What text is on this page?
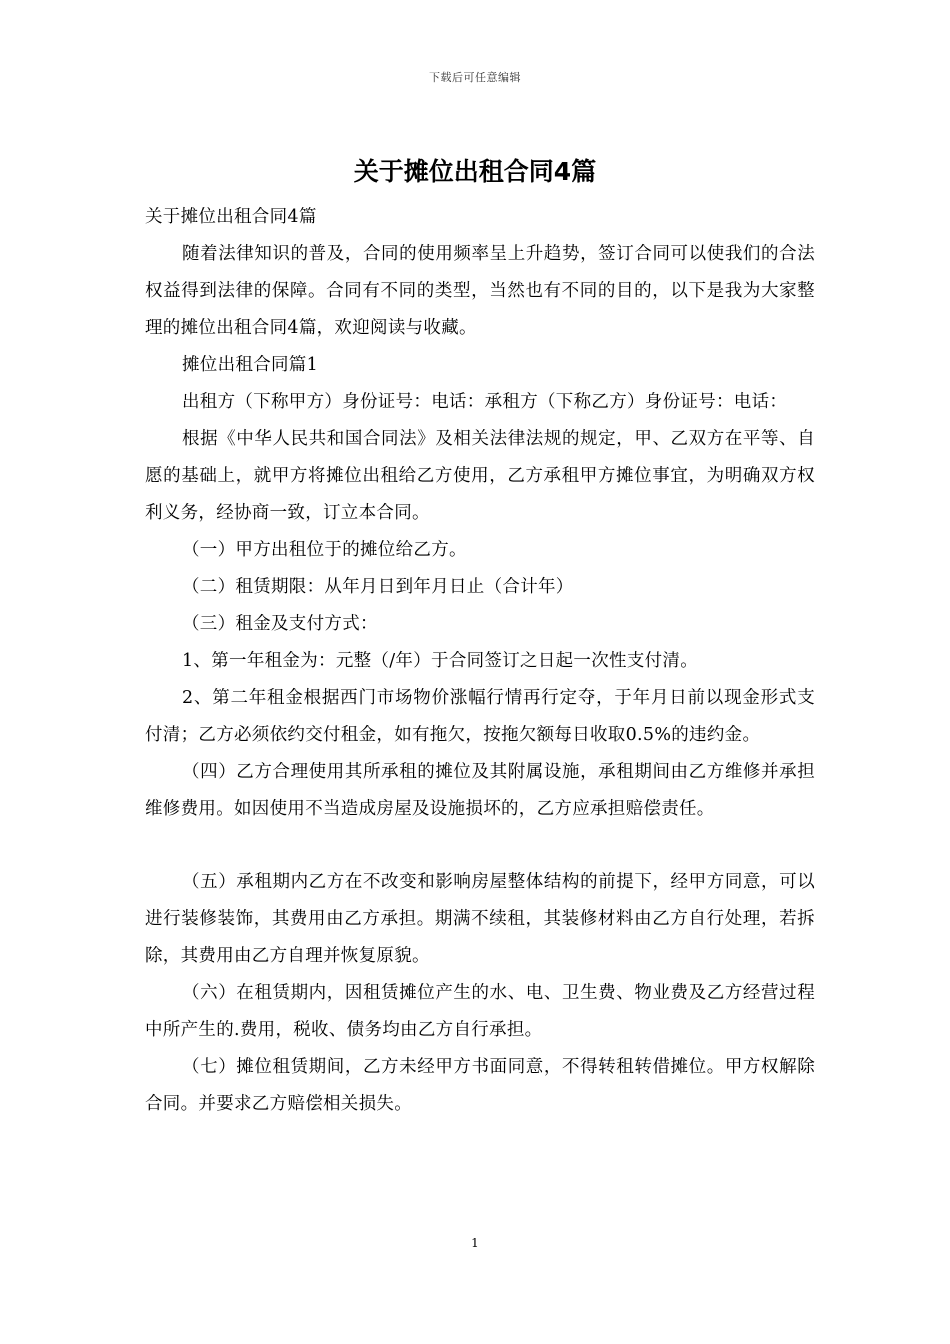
下载后可任意编辑
关于摊位出租合同4篇

关于摊位出租合同4篇

随着法律知识的普及，合同的使用频率呈上升趋势，签订合同可以使我们的合法权益得到法律的保障。合同有不同的类型，当然也有不同的目的，以下是我为大家整理的摊位出租合同4篇，欢迎阅读与收藏。

摊位出租合同篇1

出租方（下称甲方）身份证号：电话：承租方（下称乙方）身份证号：电话：

根据《中华人民共和国合同法》及相关法律法规的规定，甲、乙双方在平等、自愿的基础上，就甲方将摊位出租给乙方使用，乙方承租甲方摊位事宜，为明确双方权利义务，经协商一致，订立本合同。

（一）甲方出租位于的摊位给乙方。

（二）租赁期限：从年月日到年月日止（合计年）

（三）租金及支付方式：

1、第一年租金为：元整（/年）于合同签订之日起一次性支付清。

2、第二年租金根据西门市场物价涨幅行情再行定夺，于年月日前以现金形式支付清；乙方必须依约交付租金，如有拖欠，按拖欠额每日收取0.5%的违约金。

（四）乙方合理使用其所承租的摊位及其附属设施，承租期间由乙方维修并承担维修费用。如因使用不当造成房屋及设施损坏的，乙方应承担赔偿责任。

（五）承租期内乙方在不改变和影响房屋整体结构的前提下，经甲方同意，可以进行装修装饰，其费用由乙方承担。期满不续租，其装修材料由乙方自行处理，若拆除，其费用由乙方自理并恢复原貌。

（六）在租赁期内，因租赁摊位产生的水、电、卫生费、物业费及乙方经营过程中所产生的.费用，税收、债务均由乙方自行承担。

（七）摊位租赁期间，乙方未经甲方书面同意，不得转租转借摊位。甲方权解除合同。并要求乙方赔偿相关损失。

1
